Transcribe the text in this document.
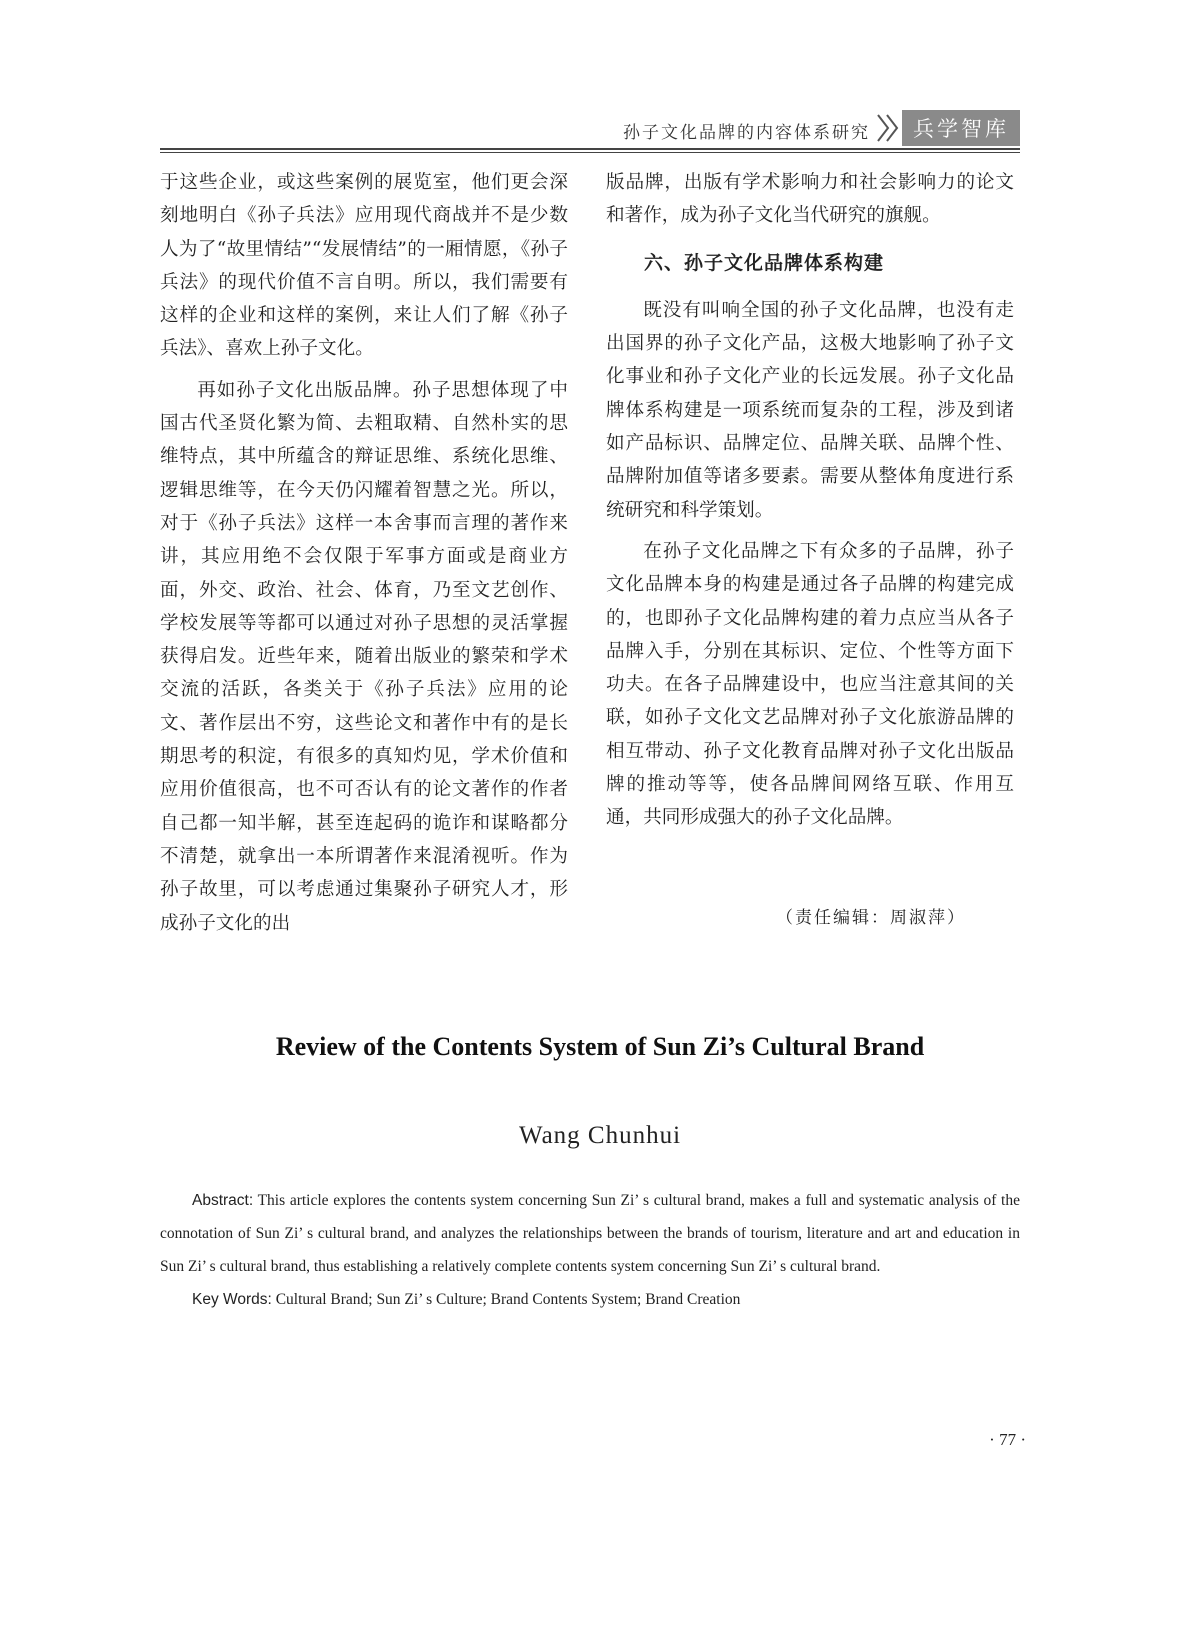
孙子文化品牌的内容体系研究	兵学智库

于这些企业，或这些案例的展览室，他们更会深刻地明白《孙子兵法》应用现代商战并不是少数人为了“故里情结”“发展情结”的一厢情愿，《孙子兵法》的现代价值不言自明。所以，我们需要有这样的企业和这样的案例，来让人们了解《孙子兵法》、喜欢上孙子文化。

再如孙子文化出版品牌。孙子思想体现了中国古代圣贤化繁为简、去粗取精、自然朴实的思维特点，其中所蕴含的辩证思维、系统化思维、逻辑思维等，在今天仍闪耀着智慧之光。所以，对于《孙子兵法》这样一本舍事而言理的著作来讲，其应用绝不会仅限于军事方面或是商业方面，外交、政治、社会、体育，乃至文艺创作、学校发展等等都可以通过对孙子思想的灵活掌握获得启发。近些年来，随着出版业的繁荣和学术交流的活跃，各类关于《孙子兵法》应用的论文、著作层出不穷，这些论文和著作中有的是长期思考的积淀，有很多的真知灼见，学术价值和应用价值很高，也不可否认有的论文著作的作者自己都一知半解，甚至连起码的诡诈和谋略都分不清楚，就拿出一本所谓著作来混淆视听。作为孙子故里，可以考虑通过集聚孙子研究人才，形成孙子文化的出

版品牌，出版有学术影响力和社会影响力的论文和著作，成为孙子文化当代研究的旗舰。

六、孙子文化品牌体系构建

既没有叫响全国的孙子文化品牌，也没有走出国界的孙子文化产品，这极大地影响了孙子文化事业和孙子文化产业的长远发展。孙子文化品牌体系构建是一项系统而复杂的工程，涉及到诸如产品标识、品牌定位、品牌关联、品牌个性、品牌附加值等诸多要素。需要从整体角度进行系统研究和科学策划。

在孙子文化品牌之下有众多的子品牌，孙子文化品牌本身的构建是通过各子品牌的构建完成的，也即孙子文化品牌构建的着力点应当从各子品牌入手，分别在其标识、定位、个性等方面下功夫。在各子品牌建设中，也应当注意其间的关联，如孙子文化文艺品牌对孙子文化旅游品牌的相互带动、孙子文化教育品牌对孙子文化出版品牌的推动等等，使各品牌间网络互联、作用互通，共同形成强大的孙子文化品牌。

（责任编辑：周淑萍）
Review of the Contents System of Sun Zi’s Cultural Brand
Wang Chunhui

Abstract: This article explores the contents system concerning Sun Zi’ s cultural brand, makes a full and systematic analysis of the connotation of Sun Zi’ s cultural brand, and analyzes the relationships between the brands of tourism, literature and art and education in Sun Zi’ s cultural brand, thus establishing a relatively complete contents system concerning Sun Zi’ s cultural brand.

Key Words: Cultural Brand; Sun Zi’ s Culture; Brand Contents System; Brand Creation

· 77 ·
